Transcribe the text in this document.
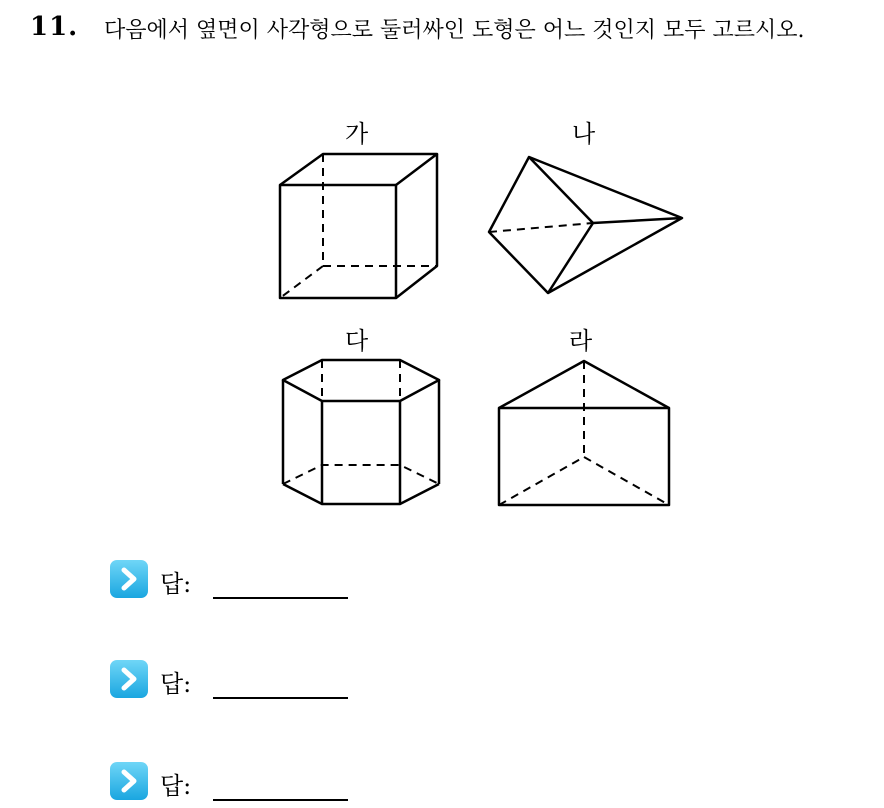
11. 다음에서 옆면이 사각형으로 둘러싸인 도형은 어느 것인지 모두 고르시오.
가	나
다	라
답:
답:
답:
